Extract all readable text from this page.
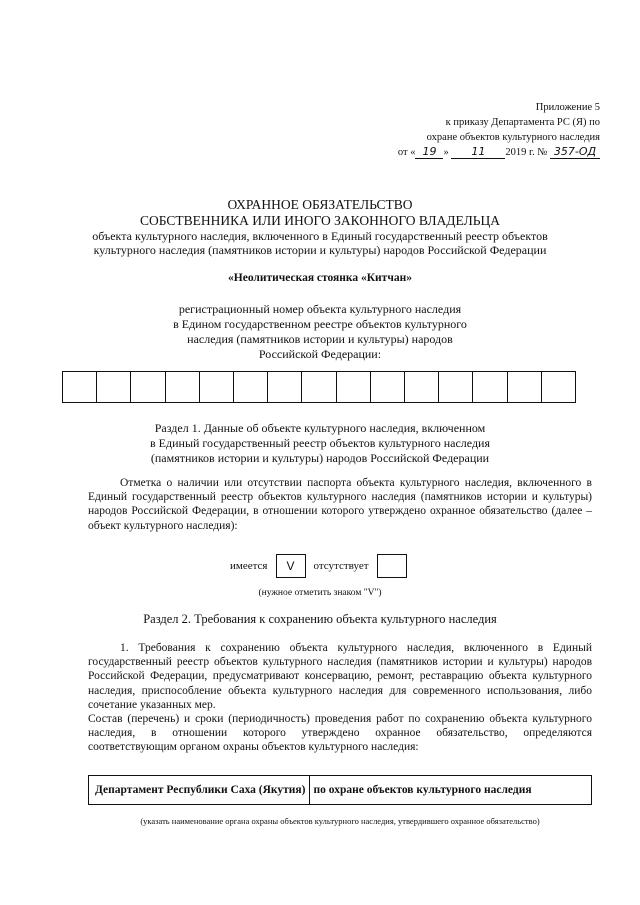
Приложение 5
к приказу Департамента РС (Я) по
охране объектов культурного наследия
от « 19 » 11 2019 г. № 357-ОД
ОХРАННОЕ ОБЯЗАТЕЛЬСТВО
СОБСТВЕННИКА ИЛИ ИНОГО ЗАКОННОГО ВЛАДЕЛЬЦА
объекта культурного наследия, включенного в Единый государственный реестр объектов
культурного наследия (памятников истории и культуры) народов Российской Федерации
«Неолитическая стоянка «Китчан»
регистрационный номер объекта культурного наследия
в Едином государственном реестре объектов культурного
наследия (памятников истории и культуры) народов
Российской Федерации:
Раздел 1. Данные об объекте культурного наследия, включенном
в Единый государственный реестр объектов культурного наследия
(памятников истории и культуры) народов Российской Федерации
Отметка о наличии или отсутствии паспорта объекта культурного наследия, включенного в Единый государственный реестр объектов культурного наследия (памятников истории и культуры) народов Российской Федерации, в отношении которого утверждено охранное обязательство (далее – объект культурного наследия):
имеется	V	отсутствует
(нужное отметить знаком "V")
Раздел 2. Требования к сохранению объекта культурного наследия
1. Требования к сохранению объекта культурного наследия, включенного в Единый государственный реестр объектов культурного наследия (памятников истории и культуры) народов Российской Федерации, предусматривают консервацию, ремонт, реставрацию объекта культурного наследия, приспособление объекта культурного наследия для современного использования, либо сочетание указанных мер.
Состав (перечень) и сроки (периодичность) проведения работ по сохранению объекта культурного наследия, в отношении которого утверждено охранное обязательство, определяются соответствующим органом охраны объектов культурного наследия:
Департамент Республики Саха (Якутия) по охране объектов культурного наследия
(указать наименование органа охраны объектов культурного наследия, утвердившего охранное обязательство)
